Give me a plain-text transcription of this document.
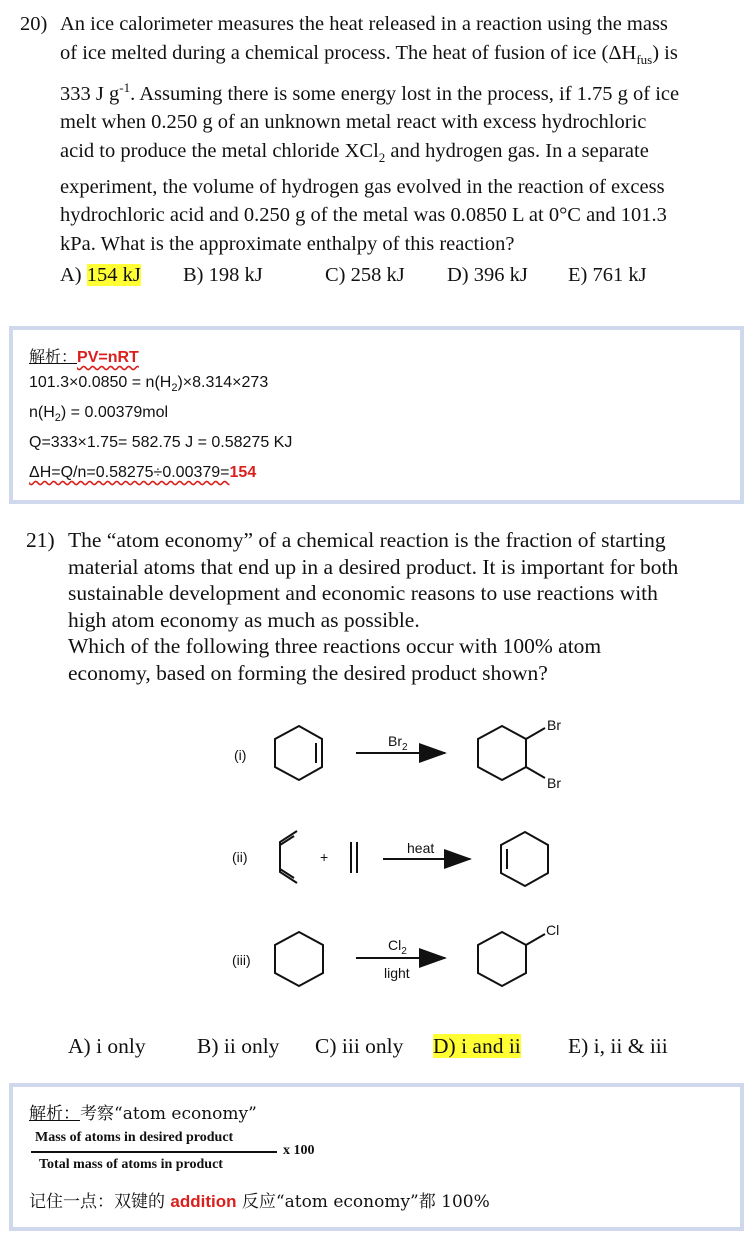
20) An ice calorimeter measures the heat released in a reaction using the mass
of ice melted during a chemical process. The heat of fusion of ice $(\Delta H_{fus})$ is
333 J $g^{-1}$. Assuming there is some energy lost in the process, if 1.75 g of ice
melt when 0.250 g of an unknown metal react with excess hydrochloric
acid to produce the metal chloride XCl$_2$ and hydrogen gas. In a separate
experiment, the volume of hydrogen gas evolved in the reaction of excess
hydrochloric acid and 0.250 g of the metal was 0.0850 L at 0°C and 101.3
kPa. What is the approximate enthalpy of this reaction?
A) 154 kJ B) 198 kJ	C) 258 kJ D) 396 kJ E) 761 kJ
解析：PV=nRT
$101.3\times 0.0850 = n(H_2)\times 8.314\times 273$
$n(H_2) = 0.00379mol$
Q=333×1.75= 582.75 J = 0.58275 KJ
ΔH=Q/n=0.58275÷0.00379=154
21) The “atom economy” of a chemical reaction is the fraction of starting
material atoms that end up in a desired product. It is important for both
sustainable development and economic reasons to use reactions with
high atom economy as much as possible.
Which of the following three reactions occur with 100% atom
economy, based on forming the desired product shown?
(i)
$Br_2$
Br
Br
(ii)	+
heat
(iii)
$Cl_2$
light
Cl
A) i only B) ii only C) iii only D) i and ii E) i, ii & iii
解析：考察“atom economy”
Mass of atoms in desired product
Total mass of atoms in product
x 100
记住一点：双键的 addition 反应“atom economy”都 100%
